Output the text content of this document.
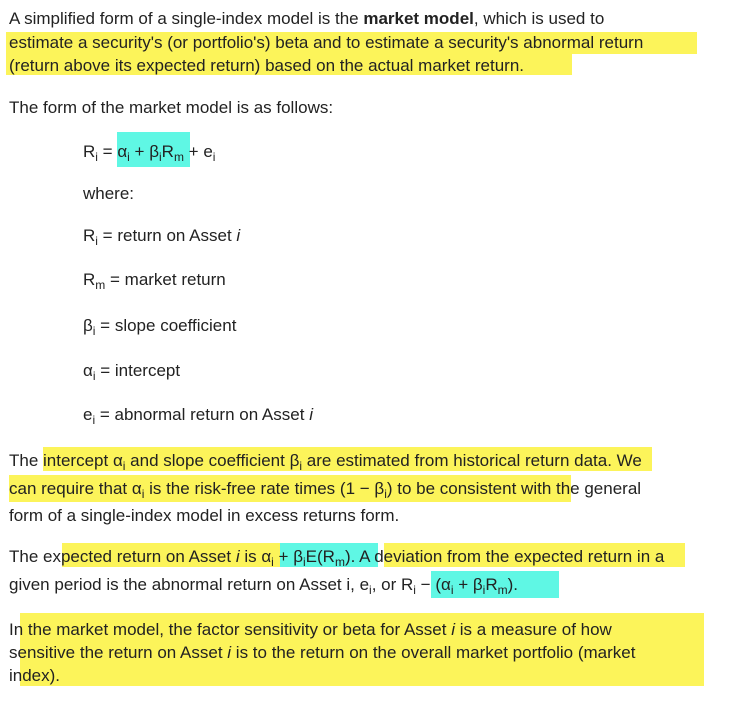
A simplified form of a single-index model is the market model, which is used to
estimate a security's (or portfolio's) beta and to estimate a security's abnormal return
(return above its expected return) based on the actual market return.
The form of the market model is as follows:
$R_i = \alpha_i + \beta_iR_m + e_i$
where:
$R_i$ = return on Asset i
$R_m$ = market return
$\beta_i$ = slope coefficient
$\alpha_i$ = intercept
$e_i$ = abnormal return on Asset i
The intercept $\alpha_i$ and slope coefficient $\beta_i$ are estimated from historical return data. We
can require that $\alpha_i$ is the risk-free rate times $(1 - \beta_i)$ to be consistent with the general
form of a single-index model in excess returns form.
The expected return on Asset i is $\alpha_i + \beta_iE(R_m)$. A deviation from the expected return in a
given period is the abnormal return on Asset i, $e_i$, or $R_i - (\alpha_i + \beta_iR_m)$.
In the market model, the factor sensitivity or beta for Asset i is a measure of how
sensitive the return on Asset i is to the return on the overall market portfolio (market
index).
